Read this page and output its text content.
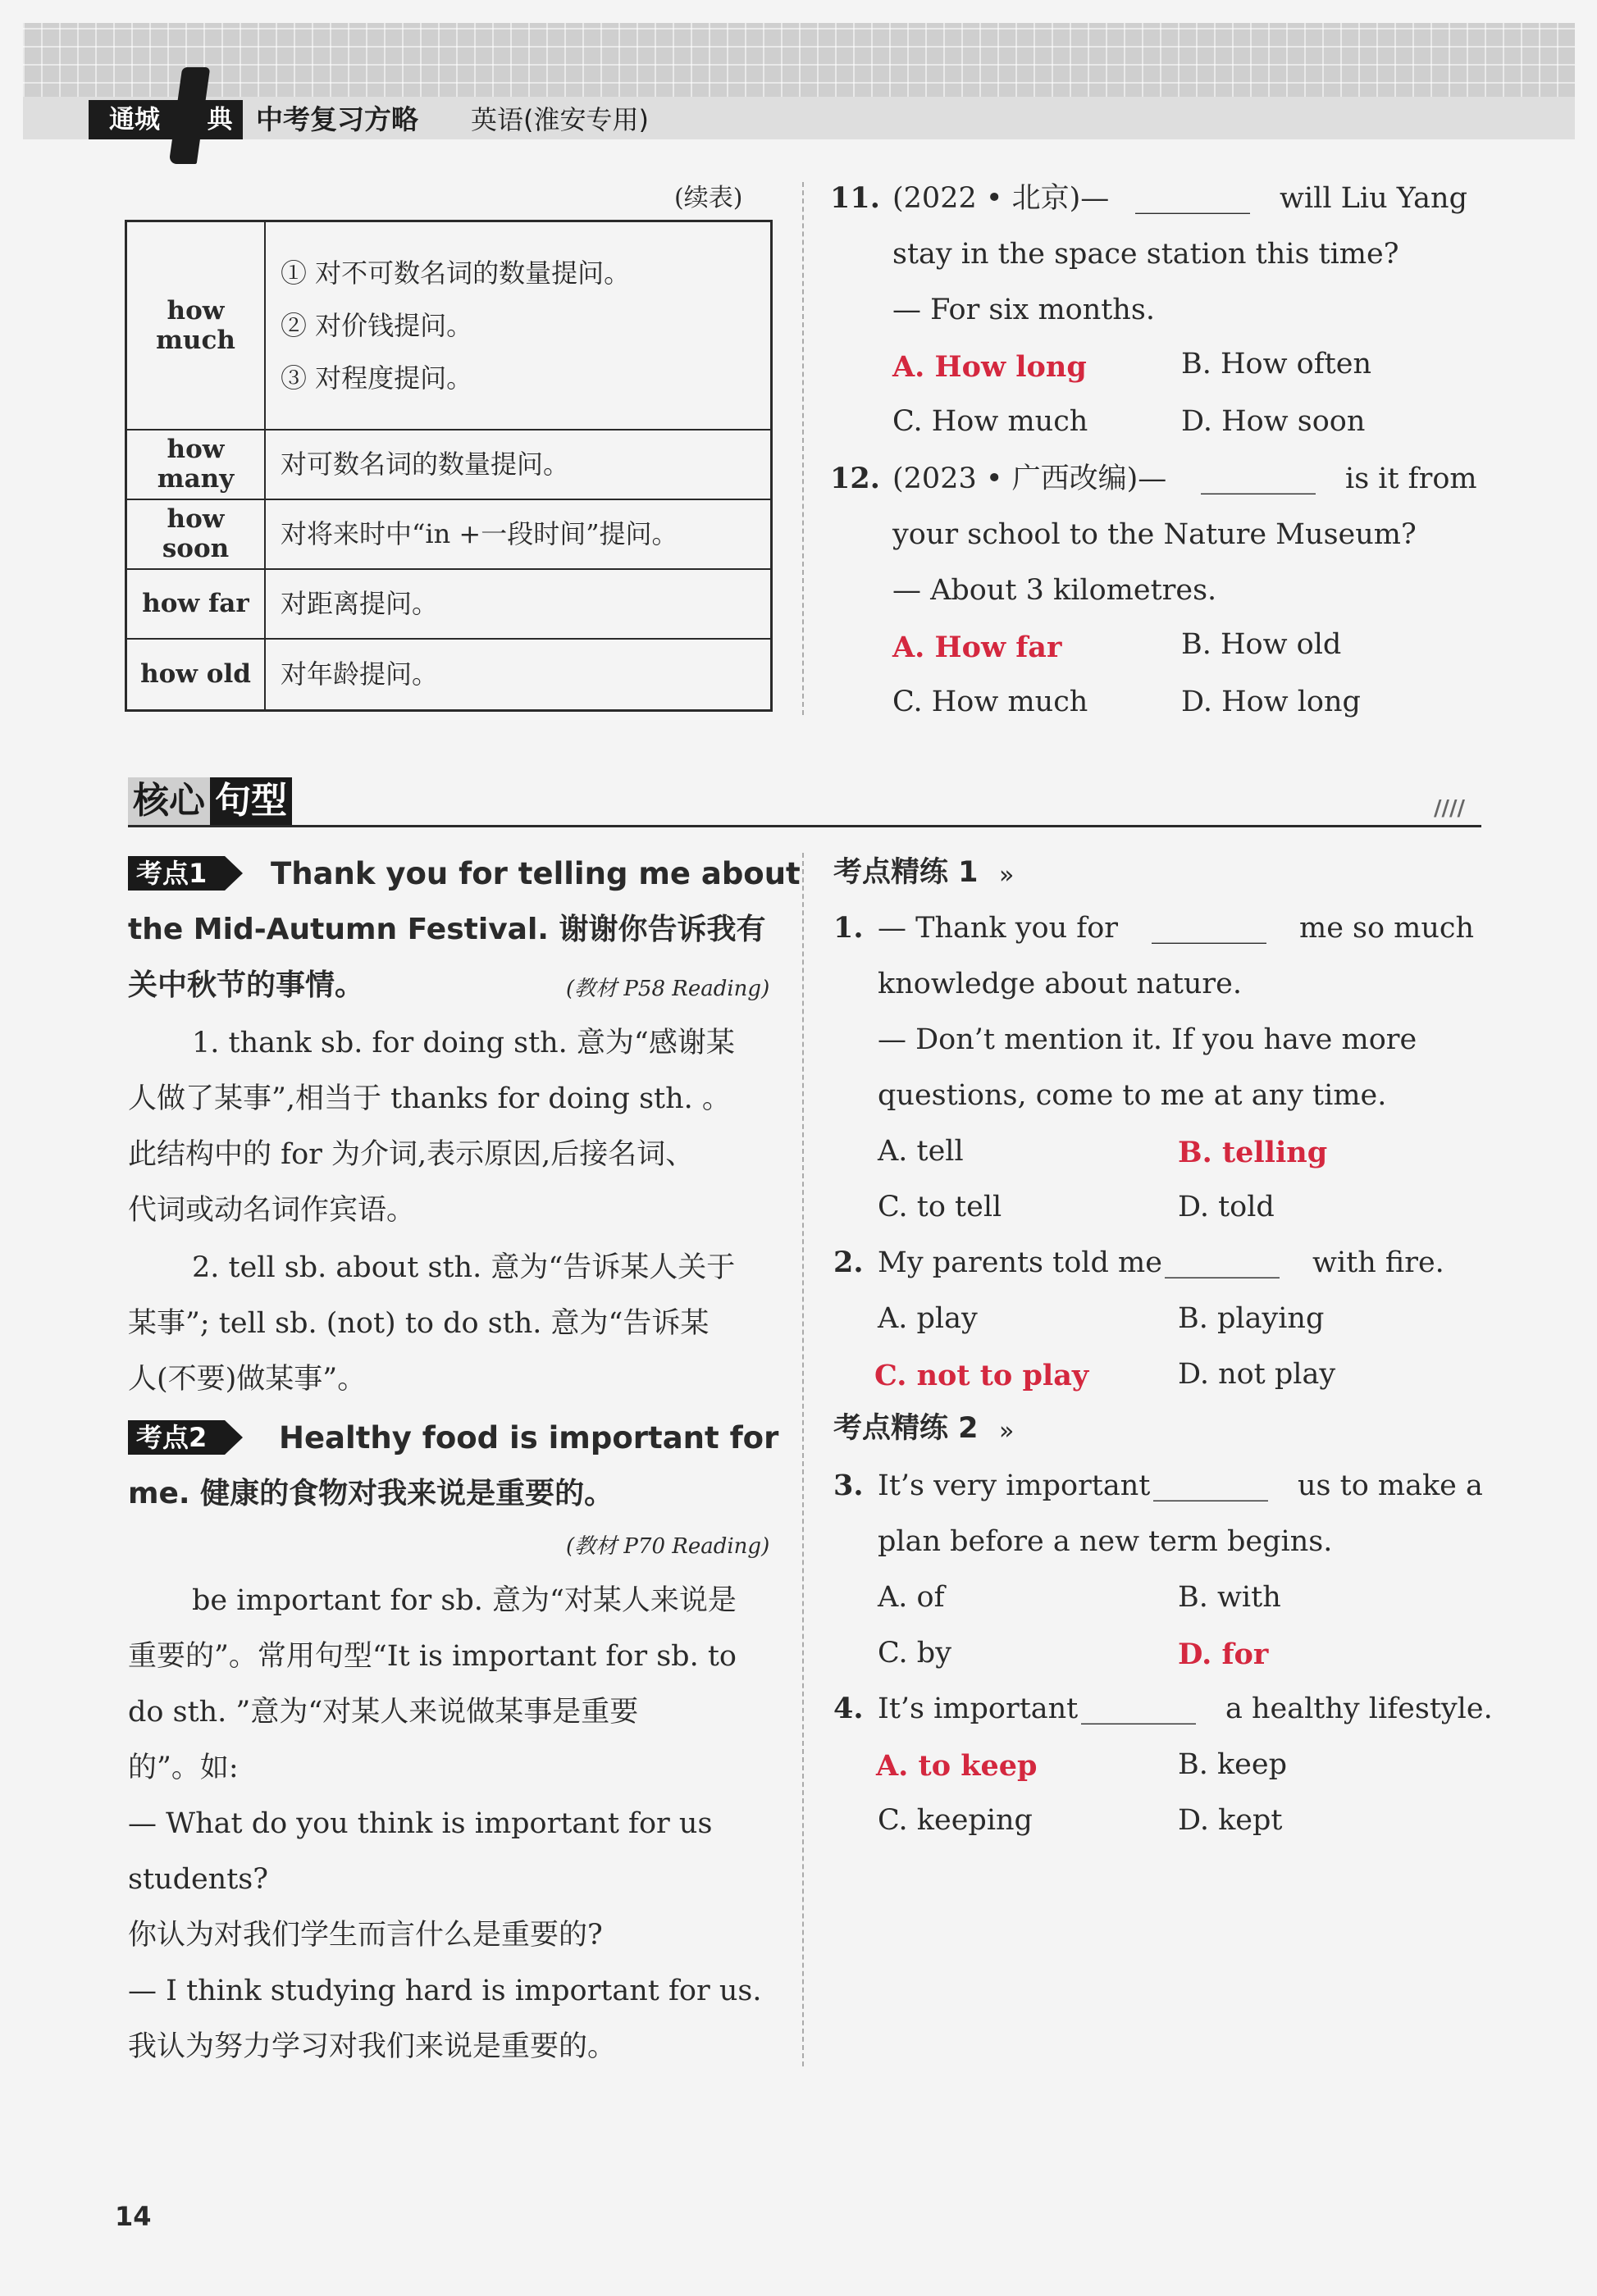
通城	典 中考复习方略 英语(淮安专用)
(续表)
how much	① 对不可数名词的数量提问。
② 对价钱提问。
③ 对程度提问。

how many	对可数名词的数量提问。

how soon	对将来时中“in +一段时间”提问。

how far	对距离提问。

how old	对年龄提问。
11. (2022 • 北京)— ________ will Liu Yang
stay in the space station this time?
— For six months.
A. How long	B. How often
C. How much	D. How soon
12. (2023 • 广西改编)— ________ is it from
your school to the Nature Museum?
— About 3 kilometres.
A. How far	B. How old
C. How much	D. How long
核心 句型	////
考点1	Thank you for telling me about
the Mid-Autumn Festival. 谢谢你告诉我有
关中秋节的事情。	(教材 P58 Reading)
1. thank sb. for doing sth. 意为“感谢某
人做了某事”,相当于 thanks for doing sth. 。
此结构中的 for 为介词,表示原因,后接名词、
代词或动名词作宾语。
2. tell sb. about sth. 意为“告诉某人关于
某事”; tell sb. (not) to do sth. 意为“告诉某
人(不要)做某事”。
考点2	Healthy food is important for
me. 健康的食物对我来说是重要的。
(教材 P70 Reading)
be important for sb. 意为“对某人来说是
重要的”。常用句型“It is important for sb. to
do sth. ”意为“对某人来说做某事是重要
的”。如:
— What do you think is important for us
students?
你认为对我们学生而言什么是重要的?
— I think studying hard is important for us.
我认为努力学习对我们来说是重要的。
考点精练 1 »
1. — Thank you for ________ me so much
knowledge about nature.
— Don’t mention it. If you have more
questions, come to me at any time.
A. tell	B. telling
C. to tell	D. told
2. My parents told me ________ with fire.
A. play	B. playing
C. not to play	D. not play
考点精练 2 »
3. It’s very important ________ us to make a
plan before a new term begins.
A. of	B. with
C. by	D. for
4. It’s important ________ a healthy lifestyle.
A. to keep	B. keep
C. keeping	D. kept
14
